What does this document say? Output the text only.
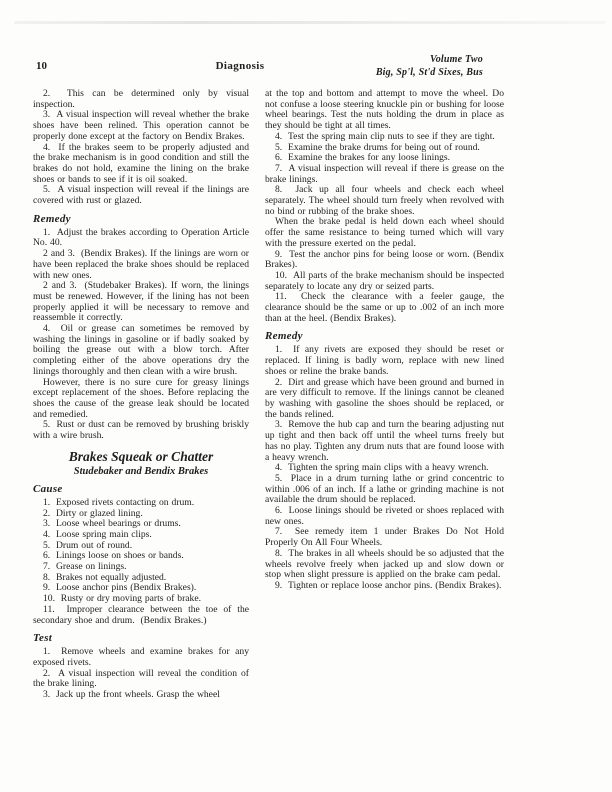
10	Diagnosis
Volume Two
Big, Sp'l, St'd Sixes, Bus
2.  This can be determined only by visual inspection.
3.  A visual inspection will reveal whether the brake shoes have been relined. This operation cannot be properly done except at the factory on Bendix Brakes.
4.  If the brakes seem to be properly adjusted and the brake mechanism is in good condition and still the brakes do not hold, examine the lining on the brake shoes or bands to see if it is oil soaked.
5.  A visual inspection will reveal if the linings are covered with rust or glazed.
Remedy
1.  Adjust the brakes according to Operation Article No. 40.
2 and 3.  (Bendix Brakes). If the linings are worn or have been replaced the brake shoes should be replaced with new ones.
2 and 3.  (Studebaker Brakes). If worn, the linings must be renewed. However, if the lining has not been properly applied it will be necessary to remove and reassemble it correctly.
4.  Oil or grease can sometimes be removed by washing the linings in gasoline or if badly soaked by boiling the grease out with a blow torch. After completing either of the above operations dry the linings thoroughly and then clean with a wire brush.
However, there is no sure cure for greasy linings except replacement of the shoes. Before replacing the shoes the cause of the grease leak should be located and remedied.
5.  Rust or dust can be removed by brushing briskly with a wire brush.
Brakes Squeak or Chatter
Studebaker and Bendix Brakes
Cause
1.  Exposed rivets contacting on drum.
2.  Dirty or glazed lining.
3.  Loose wheel bearings or drums.
4.  Loose spring main clips.
5.  Drum out of round.
6.  Linings loose on shoes or bands.
7.  Grease on linings.
8.  Brakes not equally adjusted.
9.  Loose anchor pins (Bendix Brakes).
10.  Rusty or dry moving parts of brake.
11.  Improper clearance between the toe of the secondary shoe and drum.  (Bendix Brakes.)
Test
1.  Remove wheels and examine brakes for any exposed rivets.
2.  A visual inspection will reveal the condition of the brake lining.
3.  Jack up the front wheels. Grasp the wheel
at the top and bottom and attempt to move the wheel. Do not confuse a loose steering knuckle pin or bushing for loose wheel bearings. Test the nuts holding the drum in place as they should be tight at all times.
4.  Test the spring main clip nuts to see if they are tight.
5.  Examine the brake drums for being out of round.
6.  Examine the brakes for any loose linings.
7.  A visual inspection will reveal if there is grease on the brake linings.
8.  Jack up all four wheels and check each wheel separately. The wheel should turn freely when revolved with no bind or rubbing of the brake shoes.
When the brake pedal is held down each wheel should offer the same resistance to being turned which will vary with the pressure exerted on the pedal.
9.  Test the anchor pins for being loose or worn. (Bendix Brakes).
10.  All parts of the brake mechanism should be inspected separately to locate any dry or seized parts.
11.  Check the clearance with a feeler gauge, the clearance should be the same or up to .002 of an inch more than at the heel. (Bendix Brakes).
Remedy
1.  If any rivets are exposed they should be reset or replaced. If lining is badly worn, replace with new lined shoes or reline the brake bands.
2.  Dirt and grease which have been ground and burned in are very difficult to remove. If the linings cannot be cleaned by washing with gasoline the shoes should be replaced, or the bands relined.
3.  Remove the hub cap and turn the bearing adjusting nut up tight and then back off until the wheel turns freely but has no play. Tighten any drum nuts that are found loose with a heavy wrench.
4.  Tighten the spring main clips with a heavy wrench.
5.  Place in a drum turning lathe or grind concentric to within .006 of an inch. If a lathe or grinding machine is not available the drum should be replaced.
6.  Loose linings should be riveted or shoes replaced with new ones.
7.  See remedy item 1 under Brakes Do Not Hold Properly On All Four Wheels.
8.  The brakes in all wheels should be so adjusted that the wheels revolve freely when jacked up and slow down or stop when slight pressure is applied on the brake cam pedal.
9.  Tighten or replace loose anchor pins. (Bendix Brakes).
